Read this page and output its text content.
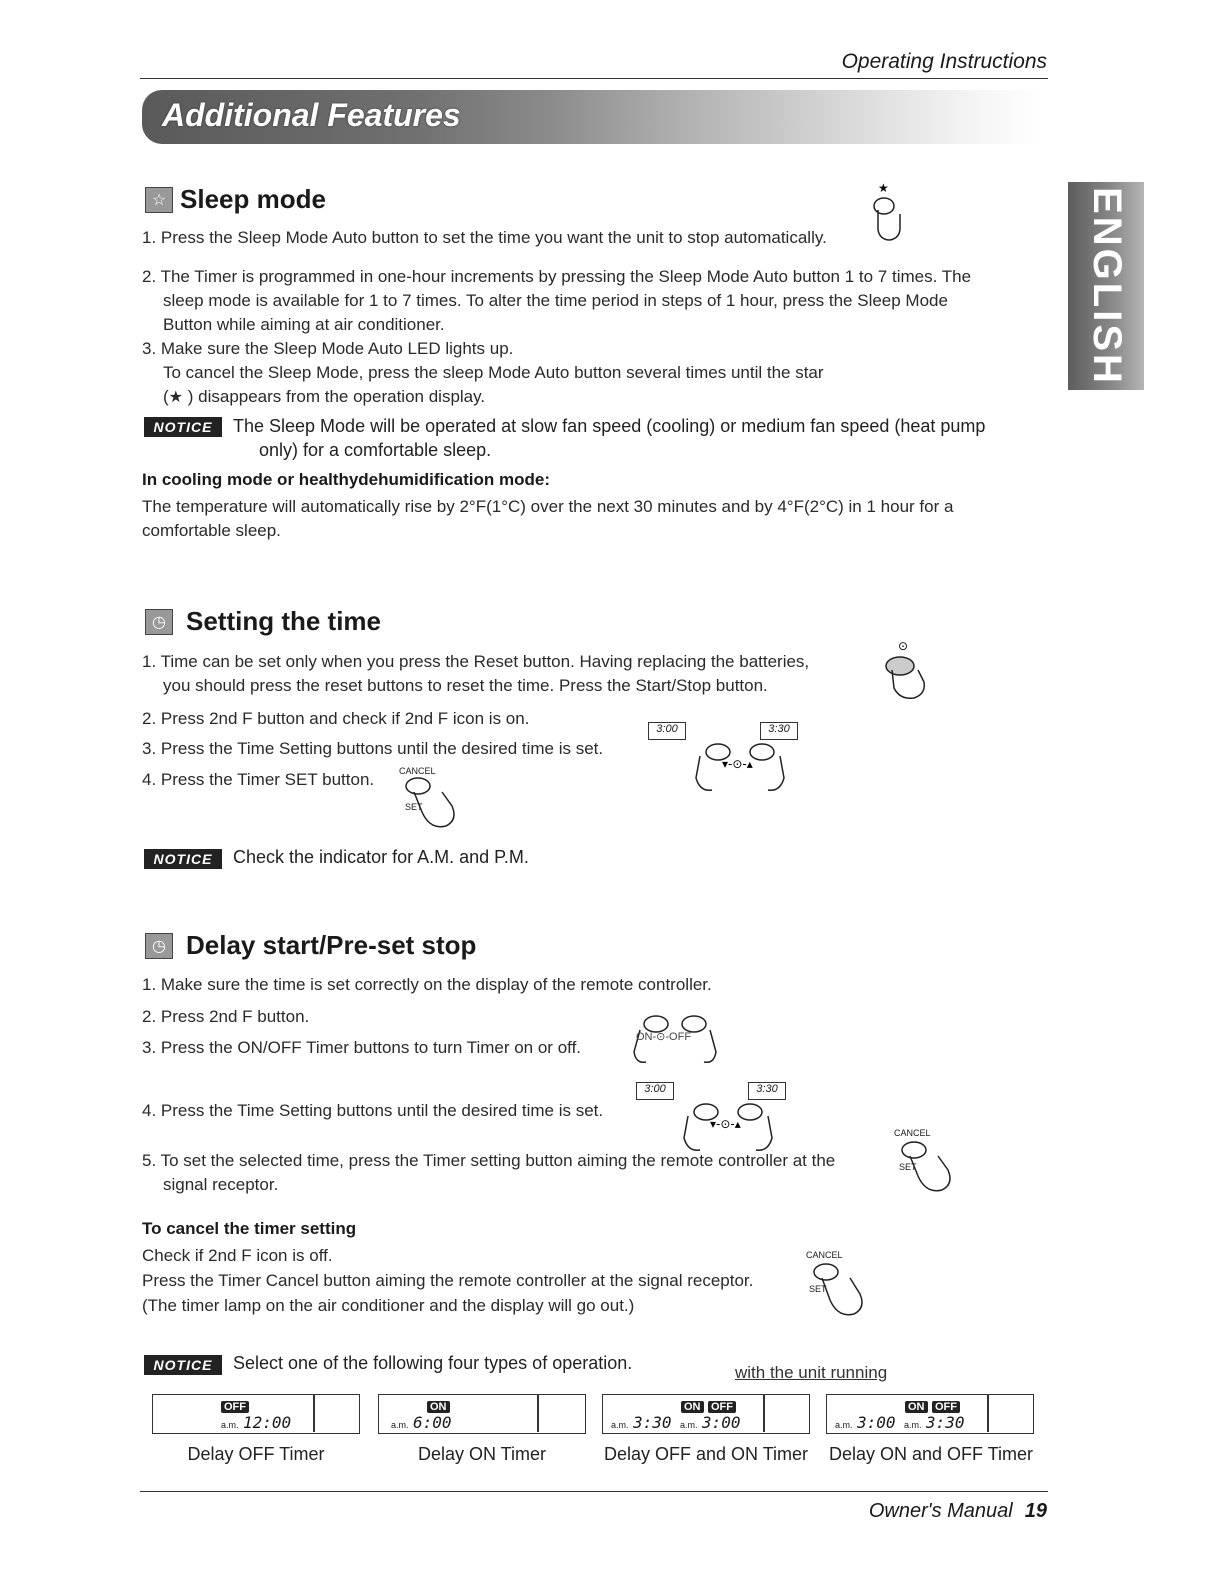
Operating Instructions
Additional Features
ENGLISH
☆ Sleep mode	★
1. Press the Sleep Mode Auto button to set the time you want the unit to stop automatically.
2. The Timer is programmed in one-hour increments by pressing the Sleep Mode Auto button 1 to 7 times. The
sleep mode is available for 1 to 7 times. To alter the time period in steps of 1 hour, press the Sleep Mode
Button while aiming at air conditioner.
3. Make sure the Sleep Mode Auto LED lights up.
To cancel the Sleep Mode, press the sleep Mode Auto button several times until the star
(★ ) disappears from the operation display.
NOTICE	The Sleep Mode will be operated at slow fan speed (cooling) or medium fan speed (heat pump
only) for a comfortable sleep.
In cooling mode or healthydehumidification mode:
The temperature will automatically rise by 2°F(1°C) over the next 30 minutes and by 4°F(2°C) in 1 hour for a
comfortable sleep.
◷ Setting the time
⊙
1. Time can be set only when you press the Reset button. Having replacing the batteries,
you should press the reset buttons to reset the time. Press the Start/Stop button.
2. Press 2nd F button and check if 2nd F icon is on.
3. Press the Time Setting buttons until the desired time is set.
4. Press the Timer SET button.
3:00	3:30
▾-⊙-▴
CANCEL
SET
NOTICE	Check the indicator for A.M. and P.M.
◷ Delay start/Pre-set stop
1. Make sure the time is set correctly on the display of the remote controller.
2. Press 2nd F button.
3. Press the ON/OFF Timer buttons to turn Timer on or off.
ON-⊙-OFF
4. Press the Time Setting buttons until the desired time is set.
3:00	3:30
▾-⊙-▴
5. To set the selected time, press the Timer setting button aiming the remote controller at the
signal receptor.
CANCEL
SET
To cancel the timer setting
Check if 2nd F icon is off.
Press the Timer Cancel button aiming the remote controller at the signal receptor.
(The timer lamp on the air conditioner and the display will go out.)
CANCEL
SET
NOTICE	Select one of the following four types of operation.	with the unit running
OFF
a.m. 12:00
Delay OFF Timer
ON
a.m. 6:00
Delay ON Timer
ON OFF
a.m. 3:30 a.m. 3:00
Delay OFF and ON Timer
ON OFF
a.m. 3:00 a.m. 3:30
Delay ON and OFF Timer
Owner's Manual 19
